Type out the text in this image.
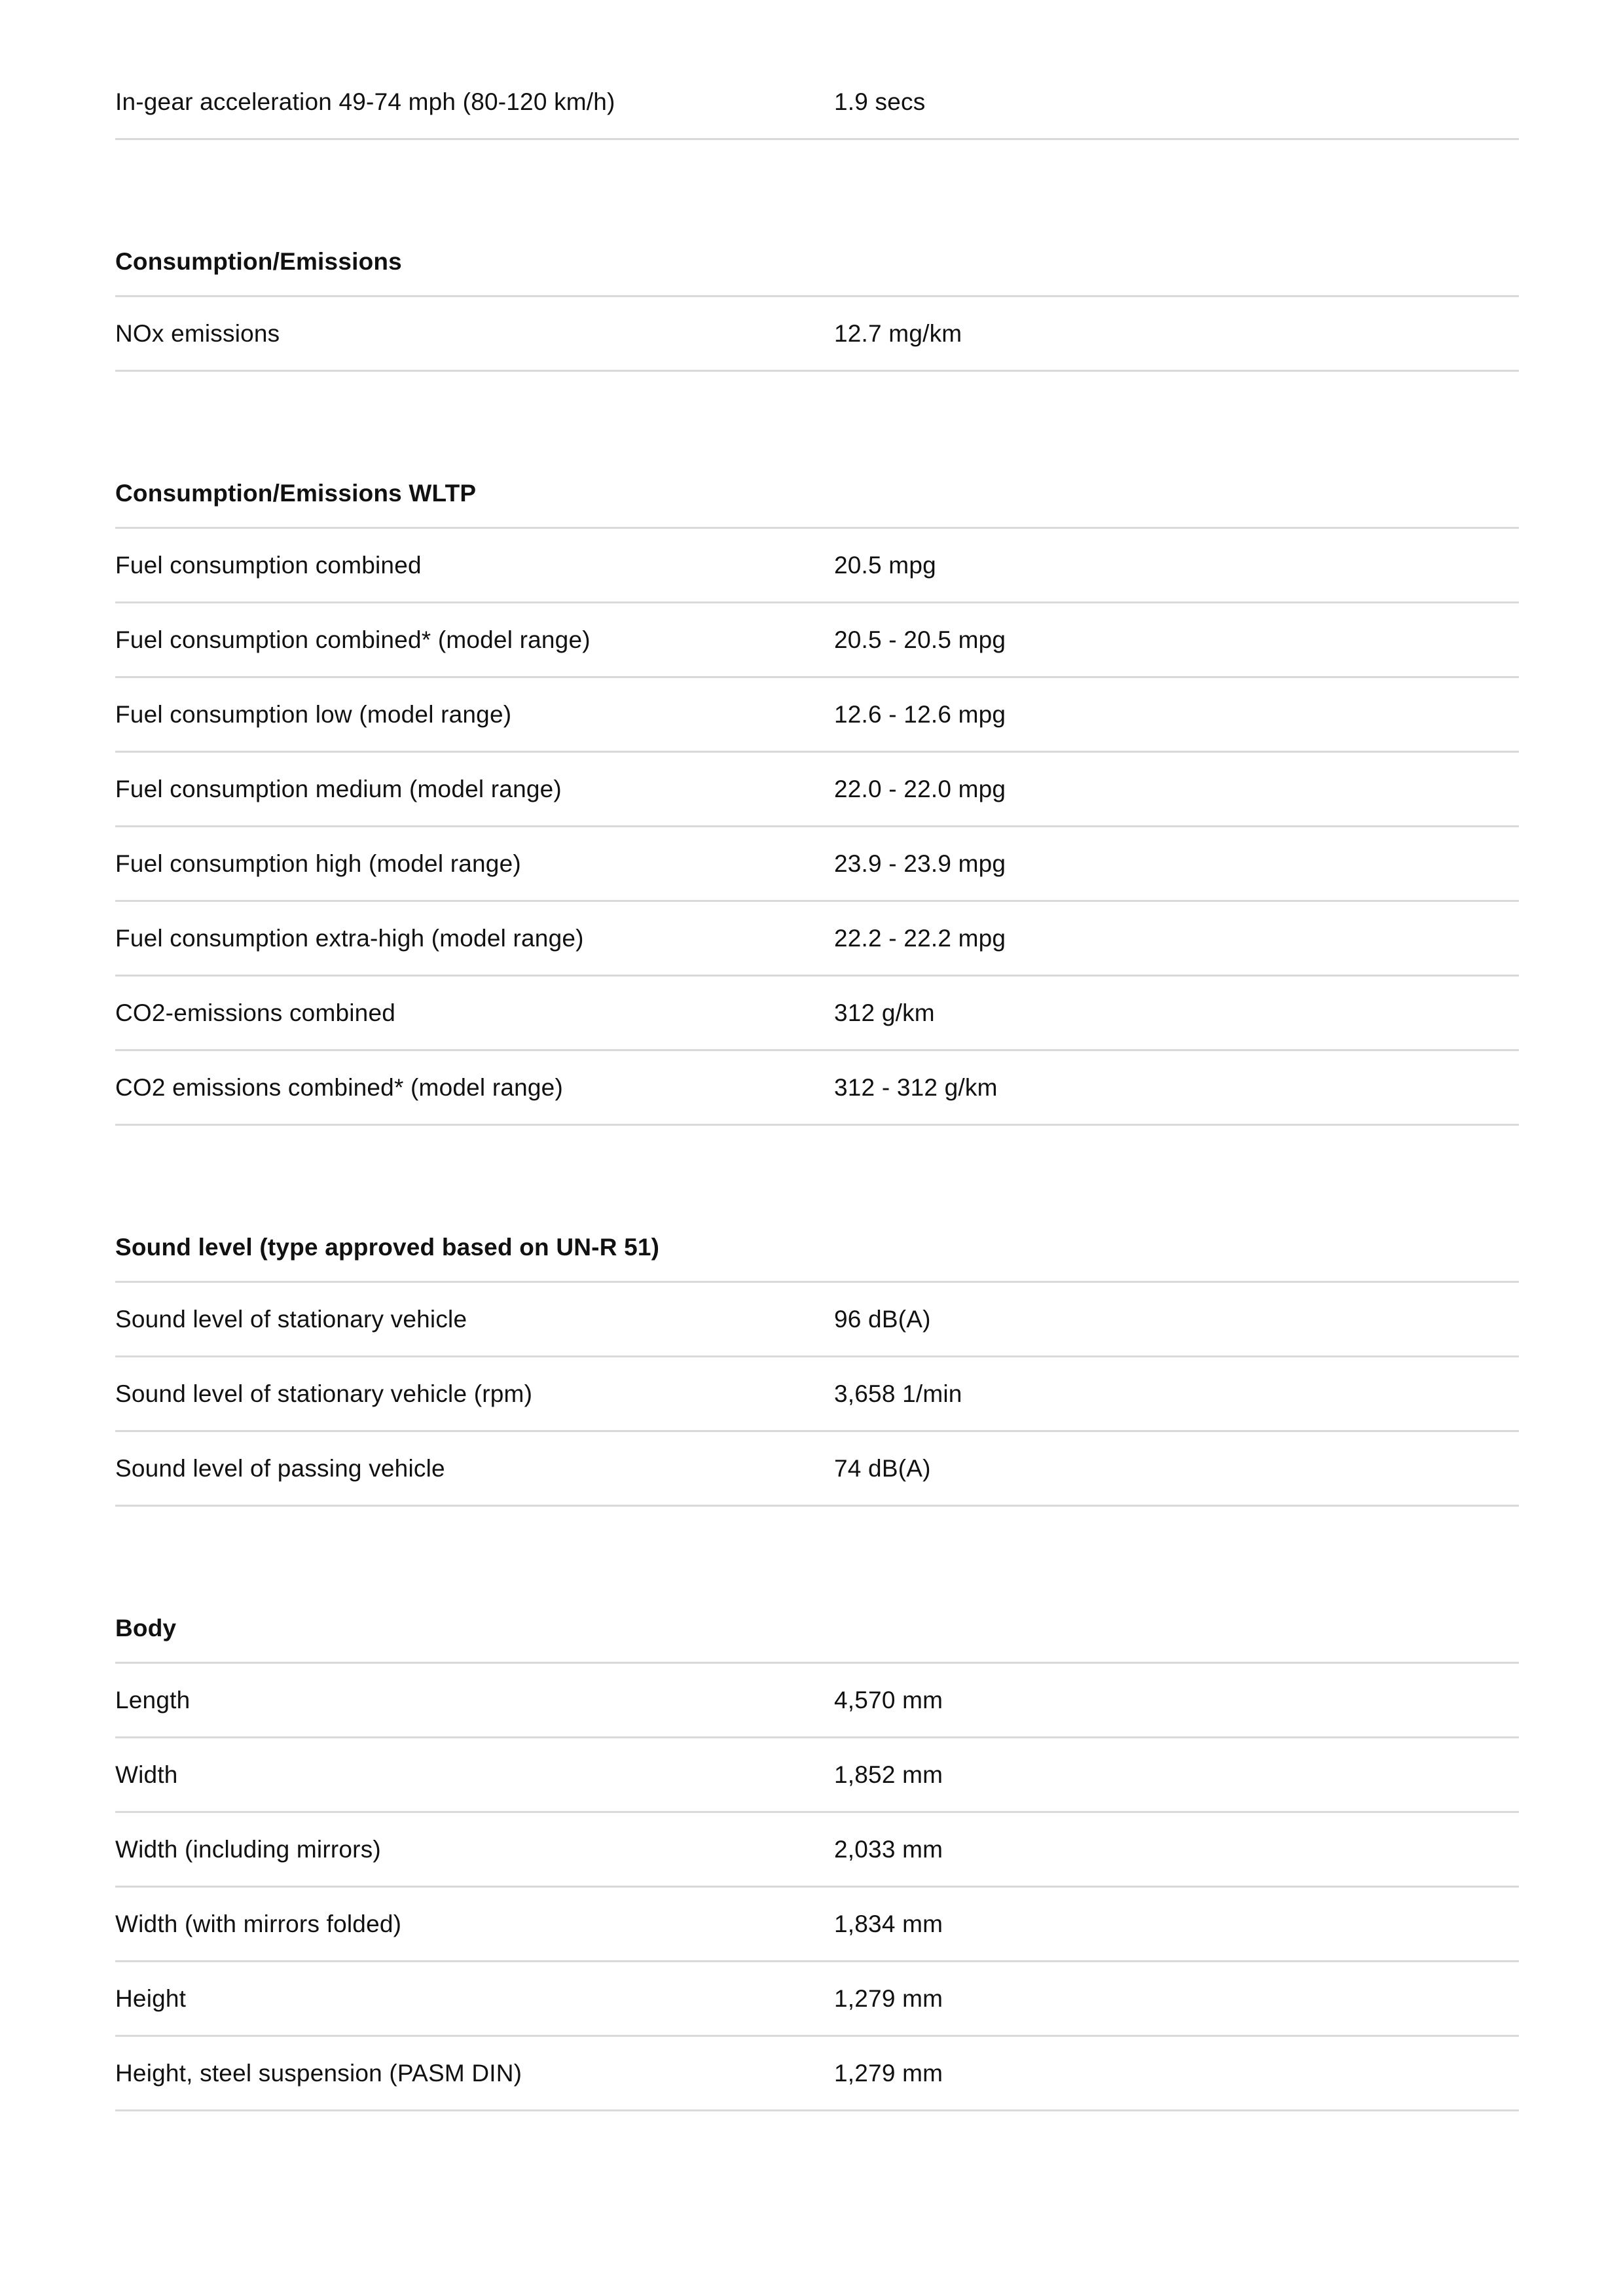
In-gear acceleration 49-74 mph (80-120 km/h)	1.9 secs
Consumption/Emissions
NOx emissions	12.7 mg/km
Consumption/Emissions WLTP
Fuel consumption combined	20.5 mpg
Fuel consumption combined* (model range)	20.5 - 20.5 mpg
Fuel consumption low (model range)	12.6 - 12.6 mpg
Fuel consumption medium (model range)	22.0 - 22.0 mpg
Fuel consumption high (model range)	23.9 - 23.9 mpg
Fuel consumption extra-high (model range)	22.2 - 22.2 mpg
CO2-emissions combined	312 g/km
CO2 emissions combined* (model range)	312 - 312 g/km
Sound level (type approved based on UN-R 51)
Sound level of stationary vehicle	96 dB(A)
Sound level of stationary vehicle (rpm)	3,658 1/min
Sound level of passing vehicle	74 dB(A)
Body
Length	4,570 mm
Width	1,852 mm
Width (including mirrors)	2,033 mm
Width (with mirrors folded)	1,834 mm
Height	1,279 mm
Height, steel suspension (PASM DIN)	1,279 mm
